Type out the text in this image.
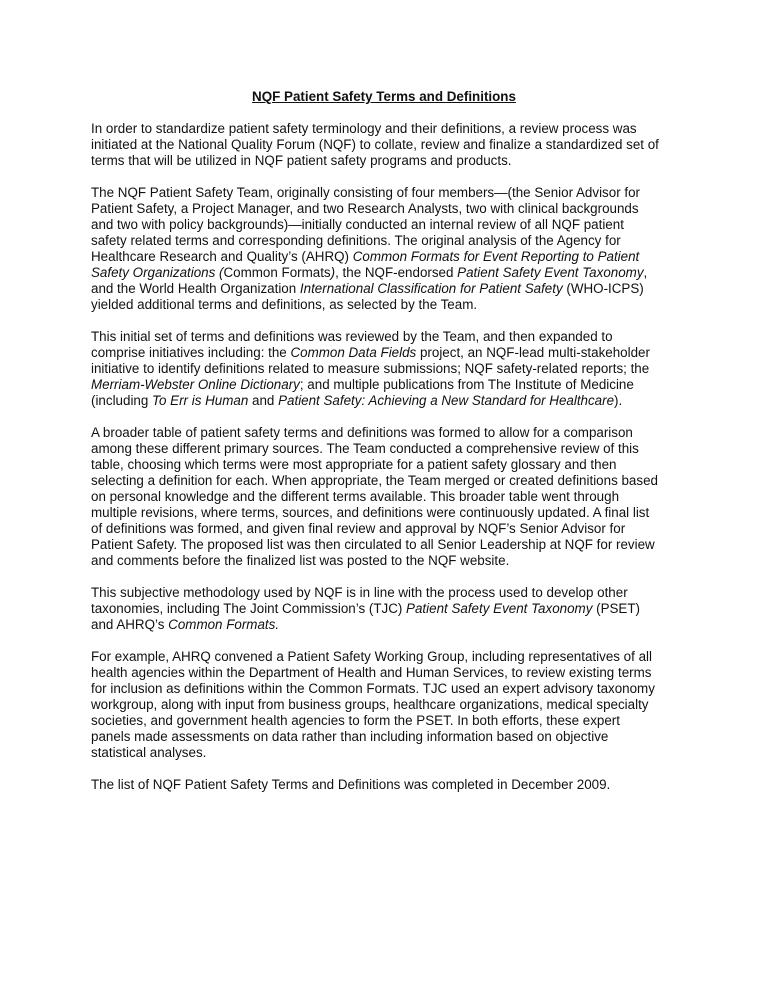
NQF Patient Safety Terms and Definitions

In order to standardize patient safety terminology and their definitions, a review process was
initiated at the National Quality Forum (NQF) to collate, review and finalize a standardized set of
terms that will be utilized in NQF patient safety programs and products.

The NQF Patient Safety Team, originally consisting of four members—(the Senior Advisor for
Patient Safety, a Project Manager, and two Research Analysts, two with clinical backgrounds
and two with policy backgrounds)—initially conducted an internal review of all NQF patient
safety related terms and corresponding definitions. The original analysis of the Agency for
Healthcare Research and Quality’s (AHRQ) Common Formats for Event Reporting to Patient
Safety Organizations (Common Formats), the NQF-endorsed Patient Safety Event Taxonomy,
and the World Health Organization International Classification for Patient Safety (WHO-ICPS)
yielded additional terms and definitions, as selected by the Team.

This initial set of terms and definitions was reviewed by the Team, and then expanded to
comprise initiatives including: the Common Data Fields project, an NQF-lead multi-stakeholder
initiative to identify definitions related to measure submissions; NQF safety-related reports; the
Merriam-Webster Online Dictionary; and multiple publications from The Institute of Medicine
(including To Err is Human and Patient Safety: Achieving a New Standard for Healthcare).

A broader table of patient safety terms and definitions was formed to allow for a comparison
among these different primary sources. The Team conducted a comprehensive review of this
table, choosing which terms were most appropriate for a patient safety glossary and then
selecting a definition for each. When appropriate, the Team merged or created definitions based
on personal knowledge and the different terms available. This broader table went through
multiple revisions, where terms, sources, and definitions were continuously updated. A final list
of definitions was formed, and given final review and approval by NQF’s Senior Advisor for
Patient Safety. The proposed list was then circulated to all Senior Leadership at NQF for review
and comments before the finalized list was posted to the NQF website.

This subjective methodology used by NQF is in line with the process used to develop other
taxonomies, including The Joint Commission’s (TJC) Patient Safety Event Taxonomy (PSET)
and AHRQ’s Common Formats.

For example, AHRQ convened a Patient Safety Working Group, including representatives of all
health agencies within the Department of Health and Human Services, to review existing terms
for inclusion as definitions within the Common Formats. TJC used an expert advisory taxonomy
workgroup, along with input from business groups, healthcare organizations, medical specialty
societies, and government health agencies to form the PSET. In both efforts, these expert
panels made assessments on data rather than including information based on objective
statistical analyses.

The list of NQF Patient Safety Terms and Definitions was completed in December 2009.
